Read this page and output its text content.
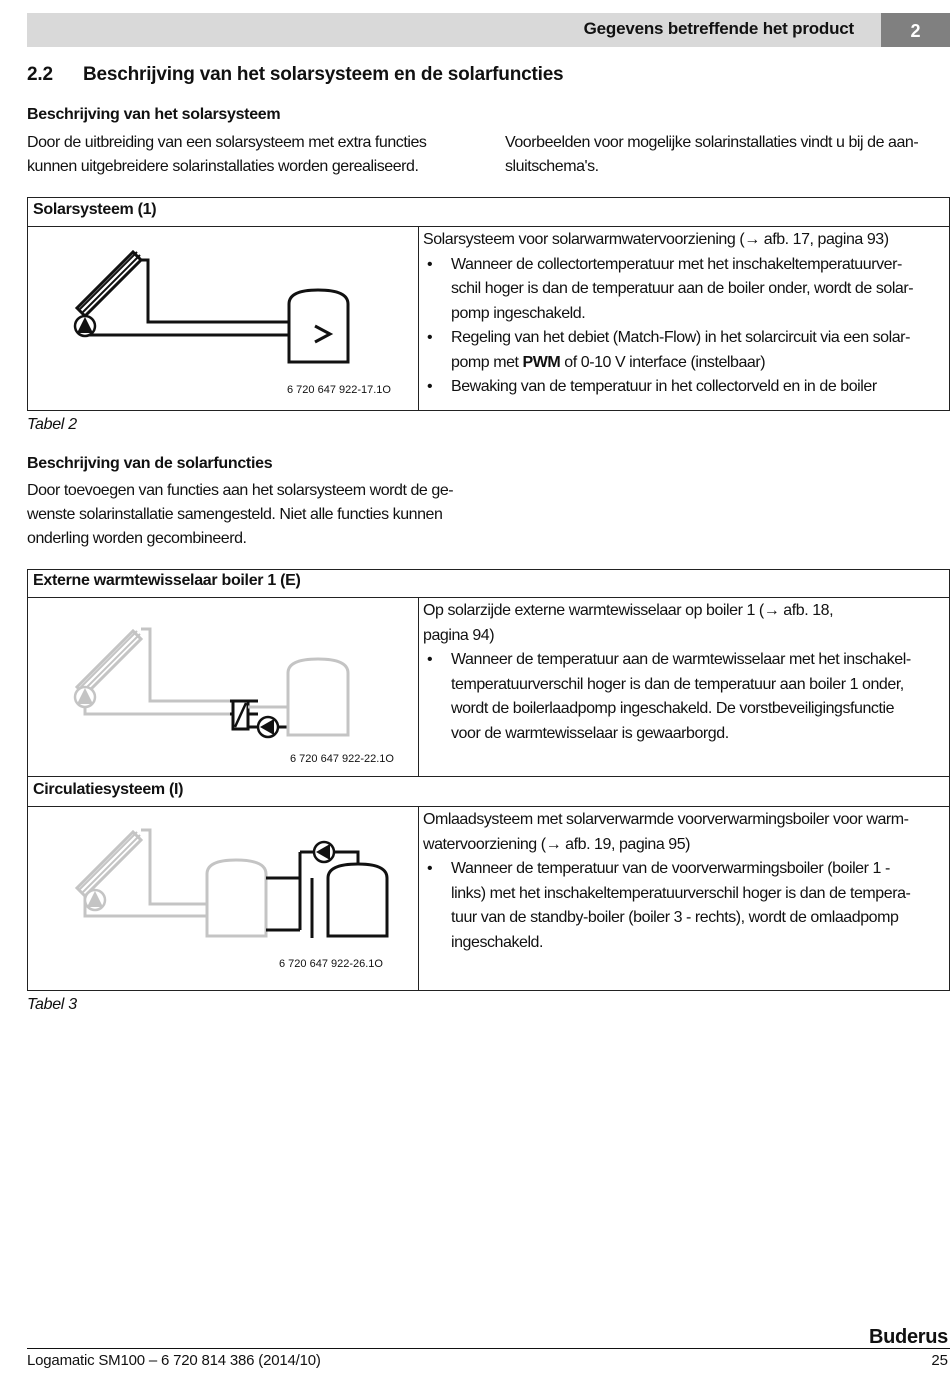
Gegevens betreffende het product	2
2.2 Beschrijving van het solarsysteem en de solarfuncties
Beschrijving van het solarsysteem
Door de uitbreiding van een solarsysteem met extra functies
kunnen uitgebreidere solarinstallaties worden gerealiseerd.
Voorbeelden voor mogelijke solarinstallaties vindt u bij de aan-
sluitschema's.
Solarsysteem (1)
6 720 647 922-17.1O
Solarsysteem voor solarwarmwatervoorziening (→ afb. 17, pagina 93)
• Wanneer de collectortemperatuur met het inschakeltemperatuurver-
schil hoger is dan de temperatuur aan de boiler onder, wordt de solar-
pomp ingeschakeld.
• Regeling van het debiet (Match-Flow) in het solarcircuit via een solar-
pomp met PWM of 0-10 V interface (instelbaar)
• Bewaking van de temperatuur in het collectorveld en in de boiler
Tabel 2
Beschrijving van de solarfuncties
Door toevoegen van functies aan het solarsysteem wordt de ge-
wenste solarinstallatie samengesteld. Niet alle functies kunnen
onderling worden gecombineerd.
Externe warmtewisselaar boiler 1 (E)
Circulatiesysteem (I)
6 720 647 922-22.1O
Op solarzijde externe warmtewisselaar op boiler 1 (→ afb. 18,
pagina 94)
• Wanneer de temperatuur aan de warmtewisselaar met het inschakel-
temperatuurverschil hoger is dan de temperatuur aan boiler 1 onder,
wordt de boilerlaadpomp ingeschakeld. De vorstbeveiligingsfunctie
voor de warmtewisselaar is gewaarborgd.
6 720 647 922-26.1O
Omlaadsysteem met solarverwarmde voorverwarmingsboiler voor warm-
watervoorziening (→ afb. 19, pagina 95)
• Wanneer de temperatuur van de voorverwarmingsboiler (boiler 1 -
links) met het inschakeltemperatuurverschil hoger is dan de tempera-
tuur van de standby-boiler (boiler 3 - rechts), wordt de omlaadpomp
ingeschakeld.
Tabel 3
Buderus
Logamatic SM100 – 6 720 814 386 (2014/10)	25
